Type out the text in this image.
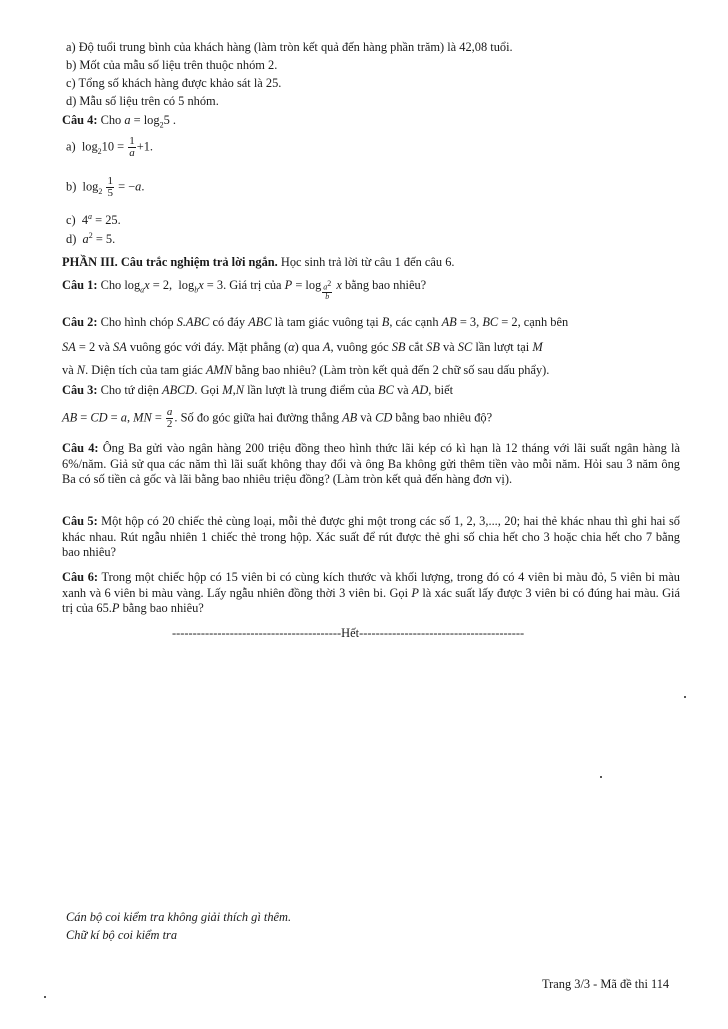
a) Độ tuổi trung bình của khách hàng (làm tròn kết quả đến hàng phần trăm) là 42,08 tuổi.
b) Mốt của mẫu số liệu trên thuộc nhóm 2.
c) Tổng số khách hàng được khảo sát là 25.
d) Mẫu số liệu trên có 5 nhóm.
Câu 4: Cho $a = \log_25$ .
a)  $\log_210 = \frac{1}{a} +1$.
b)  $\log_2 \frac{1}{5} = -a$.
c)  $4^a = 25$.
d) $a^2 = 5$.
PHẦN III. Câu trắc nghiệm trả lời ngắn. Học sinh trả lời từ câu 1 đến câu 6.
Câu 1: Cho $\log_ax = 2$,  $\log_bx = 3$. Giá trị của P = log $_{\frac{a^2}{b}}$ x bằng bao nhiêu?
Câu 2: Cho hình chóp S.ABC có đáy ABC là tam giác vuông tại B, các cạnh AB = 3, BC = 2, cạnh bên
SA = 2 và SA vuông góc với đáy. Mặt phẳng (α) qua A, vuông góc SB cắt SB và SC lần lượt tại M
và N. Diện tích của tam giác AMN bằng bao nhiêu? (Làm tròn kết quả đến 2 chữ số sau dấu phẩy).
Câu 3: Cho tứ diện ABCD. Gọi M,N lần lượt là trung điểm của BC và AD, biết
AB = CD = a, MN = $\frac{a}{2}$ . Số đo góc giữa hai đường thẳng AB và CD bằng bao nhiêu độ?
Câu 4: Ông Ba gửi vào ngân hàng 200 triệu đồng theo hình thức lãi kép có kì hạn là 12 tháng với lãi suất ngân hàng là 6%/năm. Giả sử qua các năm thì lãi suất không thay đổi và ông Ba không gửi thêm tiền vào mỗi năm. Hỏi sau 3 năm ông Ba có số tiền cả gốc và lãi bằng bao nhiêu triệu đồng? (Làm tròn kết quả đến hàng đơn vị).
Câu 5: Một hộp có 20 chiếc thẻ cùng loại, mỗi thẻ được ghi một trong các số 1, 2, 3,..., 20; hai thẻ khác nhau thì ghi hai số khác nhau. Rút ngẫu nhiên 1 chiếc thẻ trong hộp. Xác suất để rút được thẻ ghi số chia hết cho 3 hoặc chia hết cho 7 bằng bao nhiêu?
Câu 6: Trong một chiếc hộp có 15 viên bi có cùng kích thước và khối lượng, trong đó có 4 viên bi màu đỏ, 5 viên bi màu xanh và 6 viên bi màu vàng. Lấy ngẫu nhiên đồng thời 3 viên bi. Gọi P là xác suất lấy được 3 viên bi có đúng hai màu. Giá trị của 65.P bằng bao nhiêu?
-----------------------------------------Hết----------------------------------------
Cán bộ coi kiểm tra không giải thích gì thêm.
Chữ kí bộ coi kiểm tra
Trang 3/3 - Mã đề thi 114
